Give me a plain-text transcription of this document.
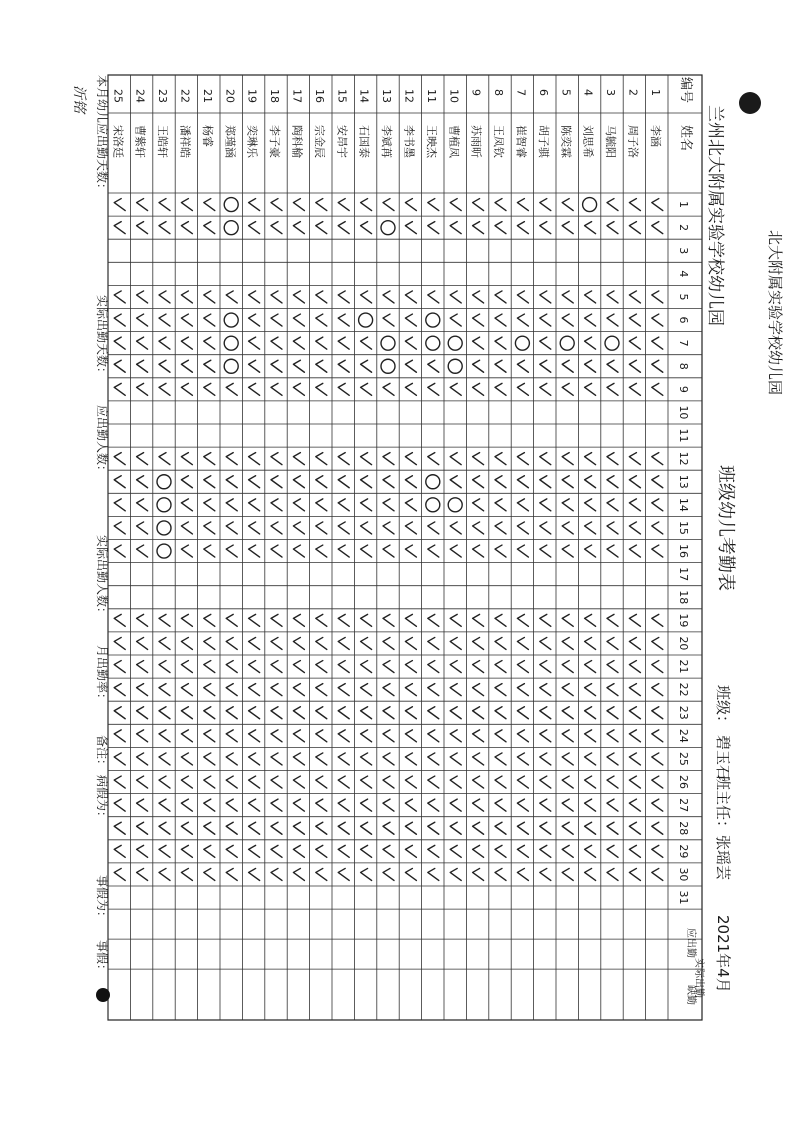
北大附属实验学校幼儿园
兰州北大附属实验学校幼儿园
班级幼儿考勤表
班级：
碧玉石
班主任：
张瑶芸
2021年4月
编号
姓名
1
2
3
4
5
6
7
8
9
10
11
12
13
14
15
16
17
18
19
20
21
22
23
24
25
26
27
28
29
30
31
应出勤
实际出勤
缺勤
1
李涵
2
周子洛
3
马毓阳
4
刘思希
5
陈奕霖
6
胡子骐
7
崔智睿
8
王凤钦
9
苏雨昕
10
曹植凤
11
王映杰
12
李书墨
13
李斌苒
14
石国泰
15
安昂宇
16
宗金辰
17
陶科榆
18
李子豪
19
奕琳乐
20
郑瑾涵
21
杨睿
22
潘祥皓
23
王皓轩
24
曹紫轩
25
宋洛廷
本月幼儿应出勤天数：
实际出勤天数：
应出勤人数：
实际出勤人数：
月出勤率：
备注：
病假为：
事假为：
事假：
沂铭
